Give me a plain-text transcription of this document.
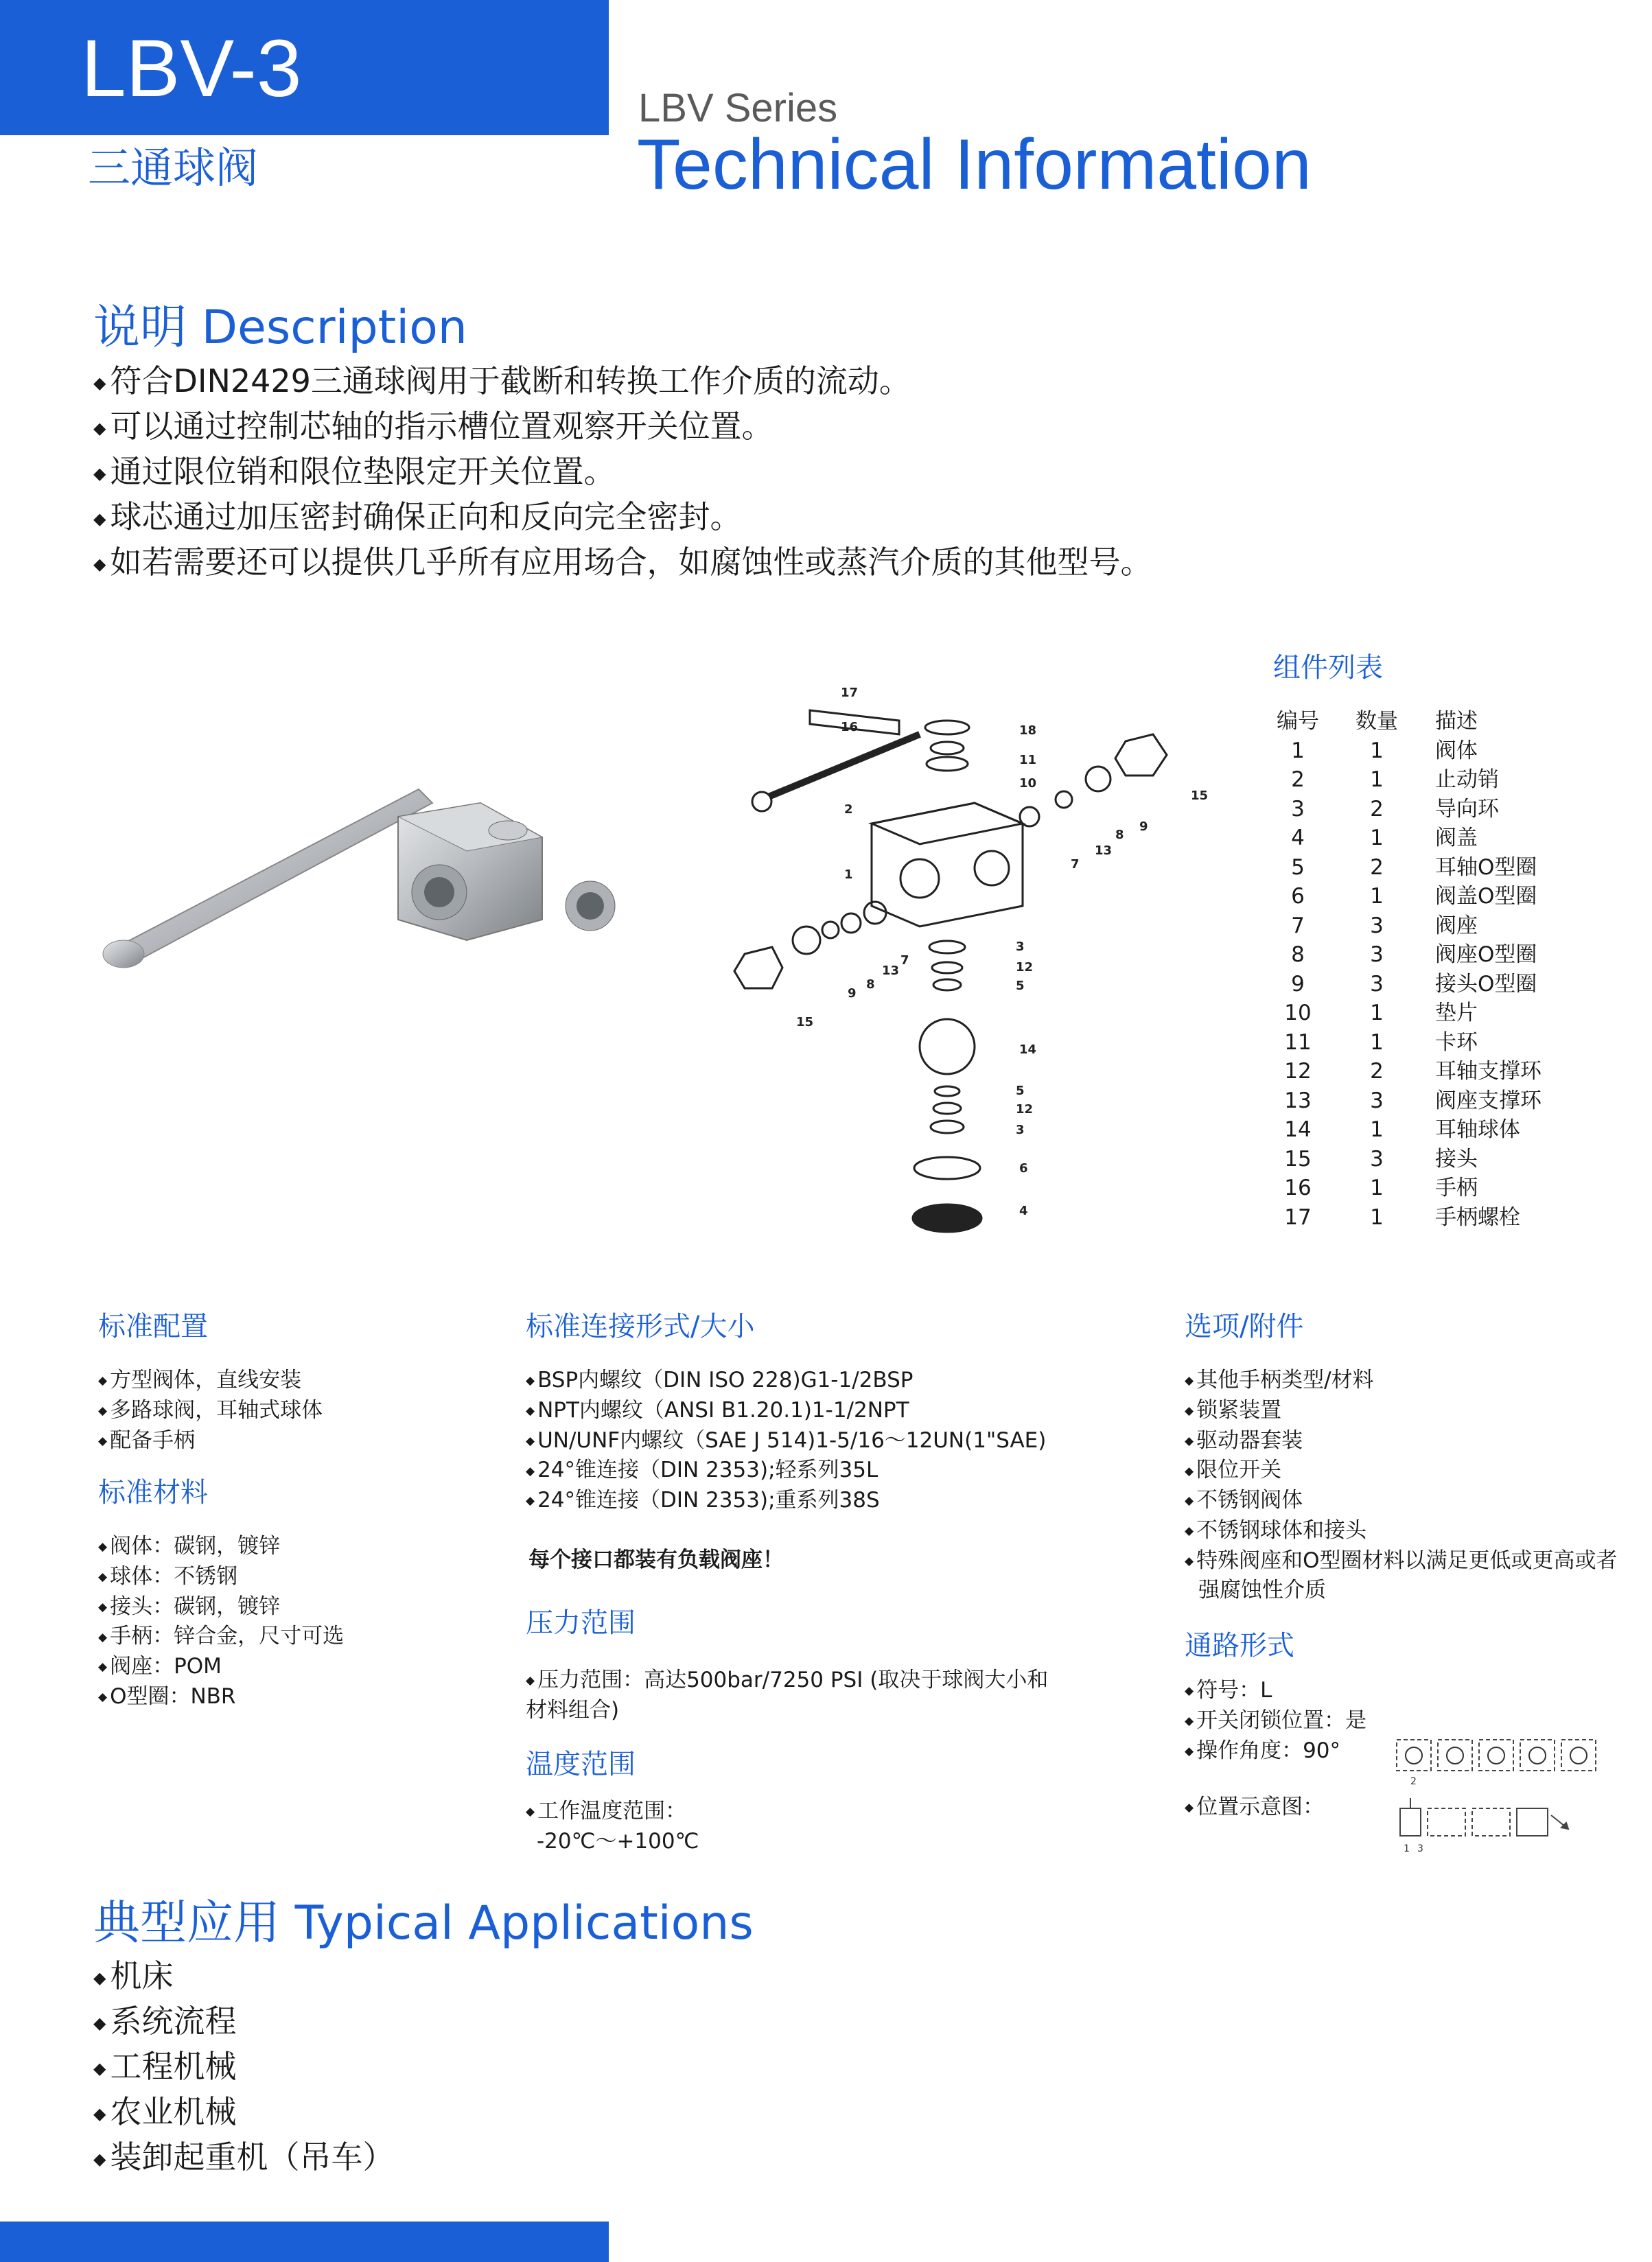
LBV-3
三通球阀
LBV Series
Technical Information
说明 Description
◆ 符合DIN2429三通球阀用于截断和转换工作介质的流动。
◆ 可以通过控制芯轴的指示槽位置观察开关位置。
◆ 通过限位销和限位垫限定开关位置。
◆ 球芯通过加压密封确保正向和反向完全密封。
◆ 如若需要还可以提供几乎所有应用场合，如腐蚀性或蒸汽介质的其他型号。
17
16	18
11
10
2
15
8
7
13
9
1
9
13
8
7
15
3
12
5
14
5
12
3
6
4
组件列表
编号	数量	描述
1	1	阀体
2	1	止动销
3	2	导向环
4	1	阀盖
5	2	耳轴O型圈
6	1	阀盖O型圈
7	3	阀座
8	3	阀座O型圈
9	3	接头O型圈
10	1	垫片
11	1	卡环
12	2	耳轴支撑环
13	3	阀座支撑环
14	1	耳轴球体
15	3	接头
16	1	手柄
17	1	手柄螺栓
标准配置
◆ 方型阀体，直线安装
◆ 多路球阀，耳轴式球体
◆ 配备手柄
标准材料
◆ 阀体：碳钢，镀锌
◆ 球体：不锈钢
◆ 接头：碳钢，镀锌
◆ 手柄：锌合金，尺寸可选
◆ 阀座：POM
◆ O型圈：NBR
标准连接形式/大小
◆ BSP内螺纹（DIN ISO 228)G1-1/2BSP
◆ NPT内螺纹（ANSI B1.20.1)1-1/2NPT
◆ UN/UNF内螺纹（SAE J 514)1-5/16～12UN(1"SAE)
◆ 24°锥连接（DIN 2353);轻系列35L
◆ 24°锥连接（DIN 2353);重系列38S
每个接口都装有负载阀座！
压力范围
◆ 压力范围：高达500bar/7250 PSI (取决于球阀大小和
材料组合)
温度范围
◆ 工作温度范围：
-20℃～+100℃
选项/附件
◆ 其他手柄类型/材料
◆ 锁紧装置
◆ 驱动器套装
◆ 限位开关
◆ 不锈钢阀体
◆ 不锈钢球体和接头
◆ 特殊阀座和O型圈材料以满足更低或更高或者
强腐蚀性介质
通路形式
◆ 符号：L
◆ 开关闭锁位置：是
◆ 操作角度：90°
◆ 位置示意图：
2
1 3
典型应用 Typical Applications
◆ 机床
◆ 系统流程
◆ 工程机械
◆ 农业机械
◆ 装卸起重机（吊车）
